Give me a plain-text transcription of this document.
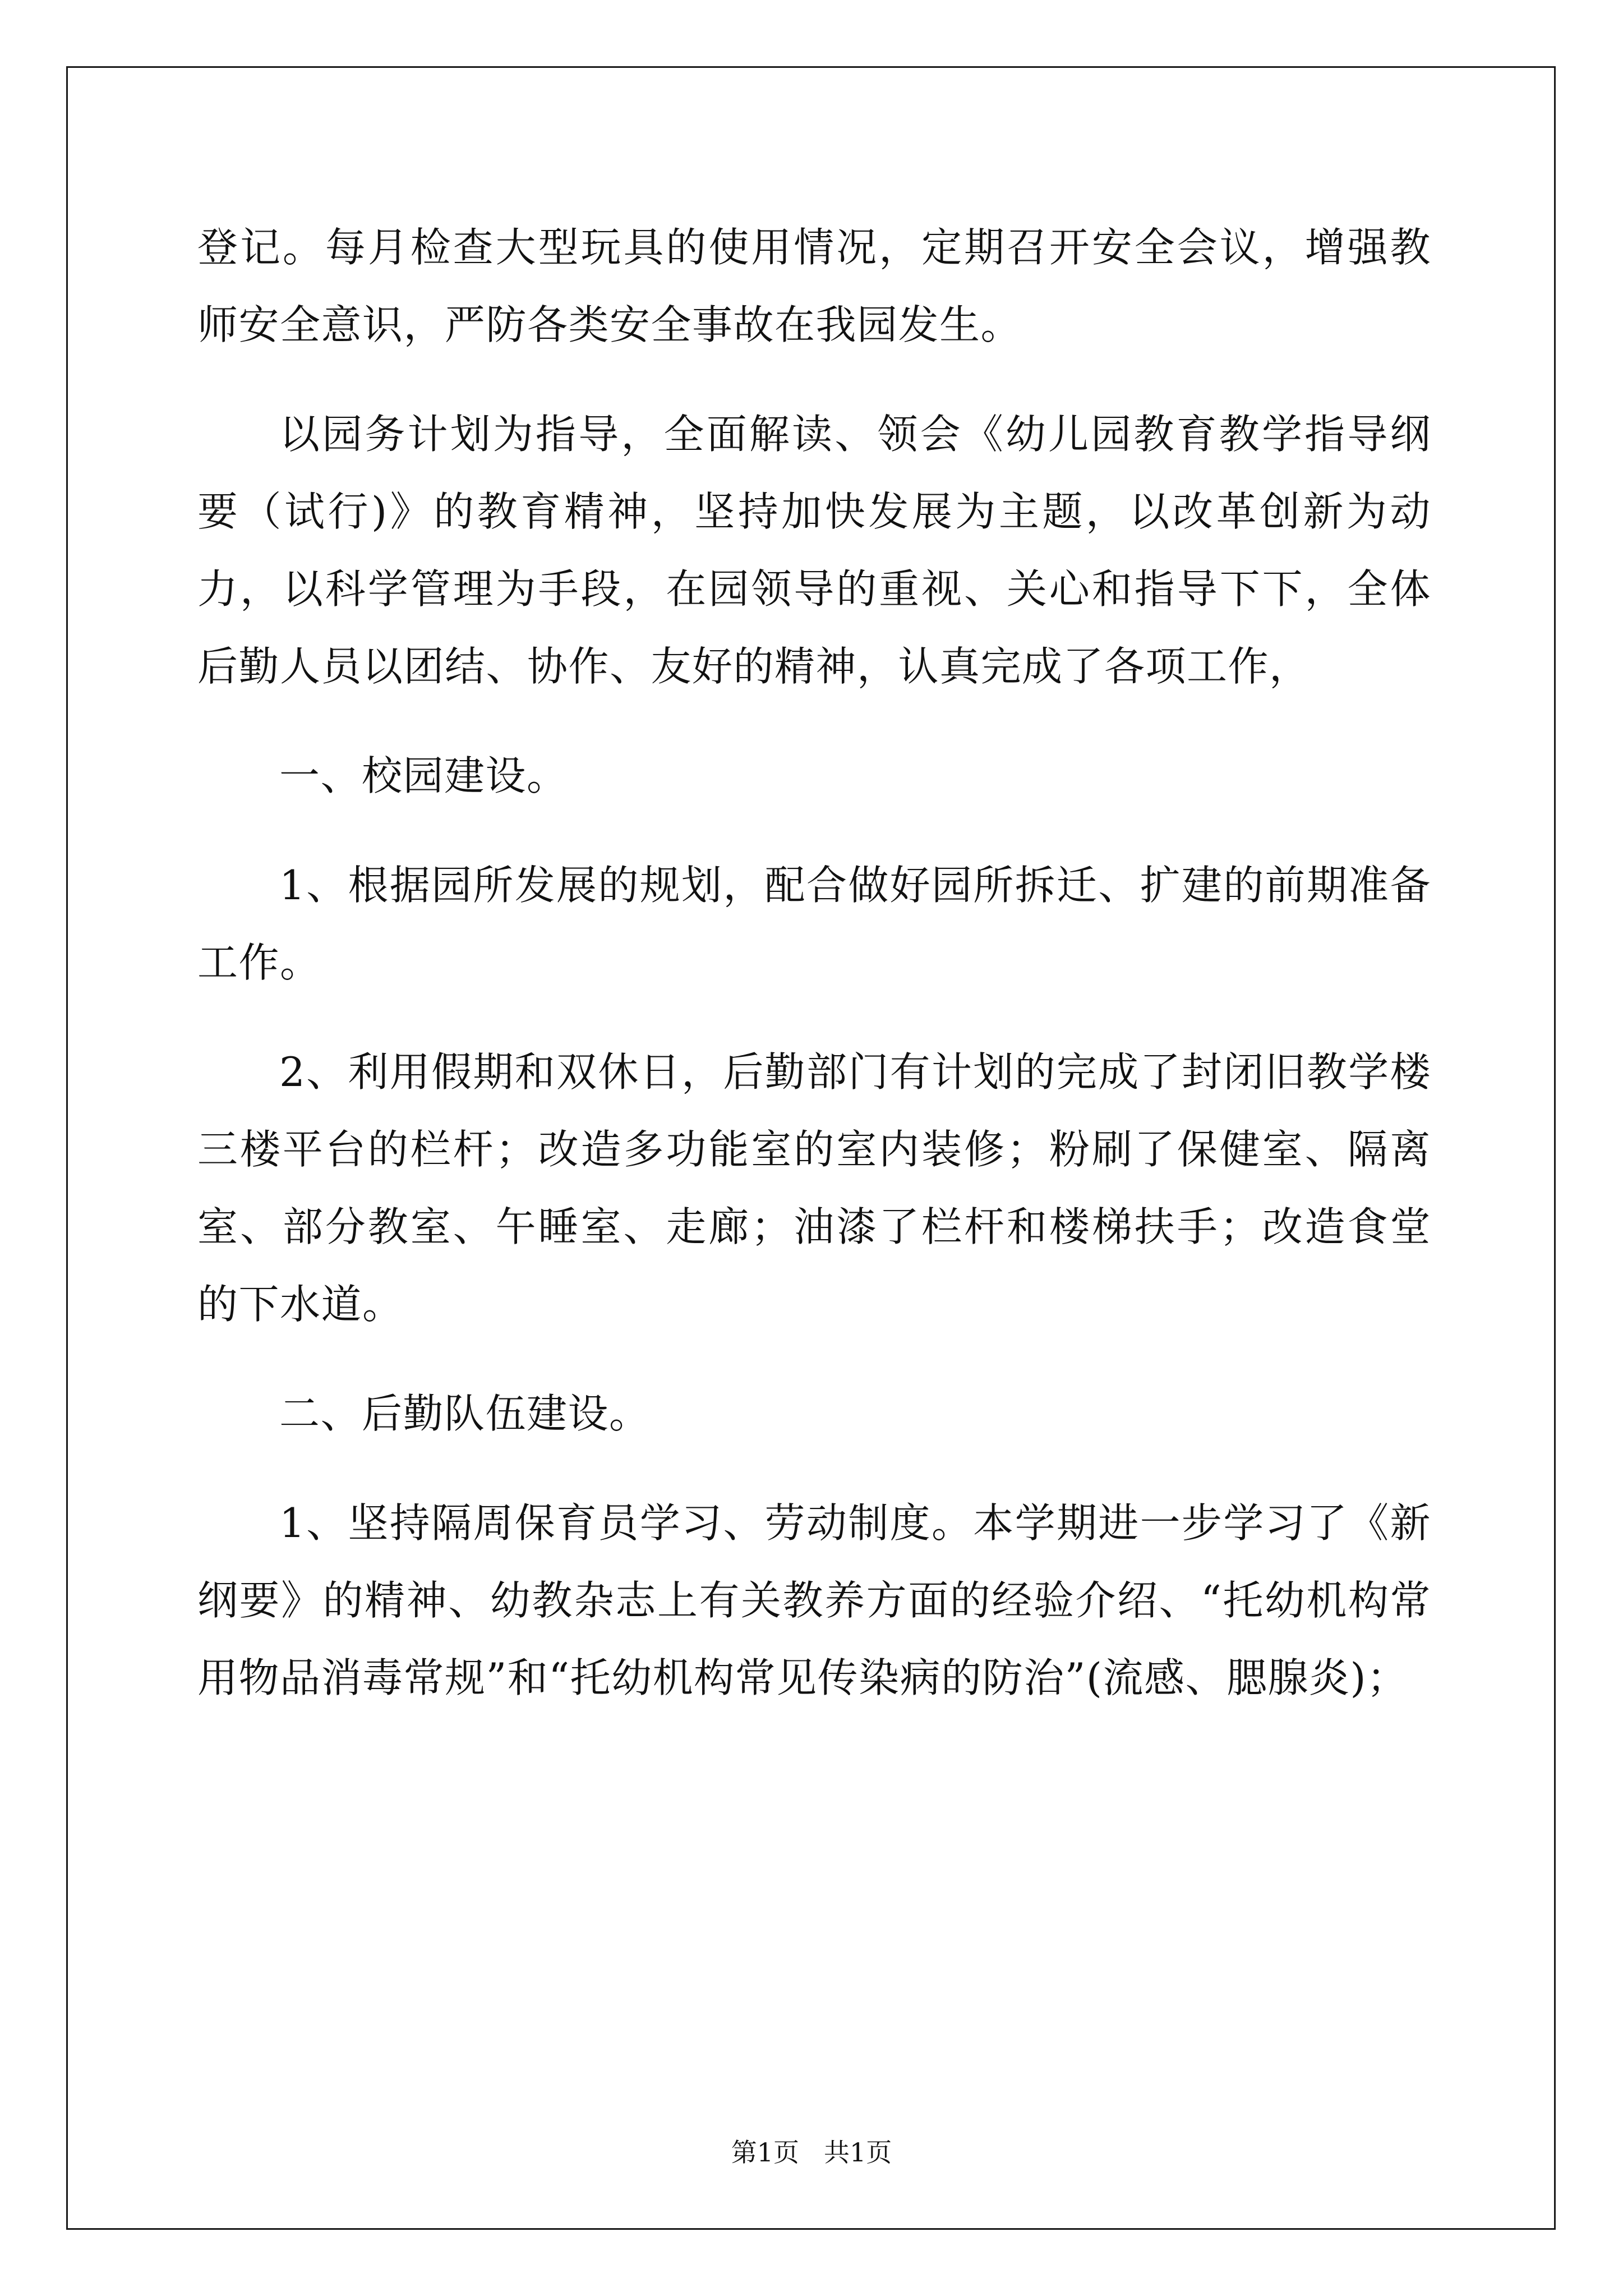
登记。每月检查大型玩具的使用情况，定期召开安全会议，增强教师安全意识，严防各类安全事故在我园发生。

以园务计划为指导，全面解读、领会《幼儿园教育教学指导纲要（试行)》的教育精神，坚持加快发展为主题，以改革创新为动力，以科学管理为手段，在园领导的重视、关心和指导下下，全体后勤人员以团结、协作、友好的精神，认真完成了各项工作，

一、校园建设。

1、根据园所发展的规划，配合做好园所拆迁、扩建的前期准备工作。

2、利用假期和双休日，后勤部门有计划的完成了封闭旧教学楼三楼平台的栏杆；改造多功能室的室内装修；粉刷了保健室、隔离室、部分教室、午睡室、走廊；油漆了栏杆和楼梯扶手；改造食堂的下水道。

二、后勤队伍建设。

1、坚持隔周保育员学习、劳动制度。本学期进一步学习了《新纲要》的精神、幼教杂志上有关教养方面的经验介绍、“托幼机构常用物品消毒常规”和“托幼机构常见传染病的防治”(流感、腮腺炎)；

第1页 共1页
